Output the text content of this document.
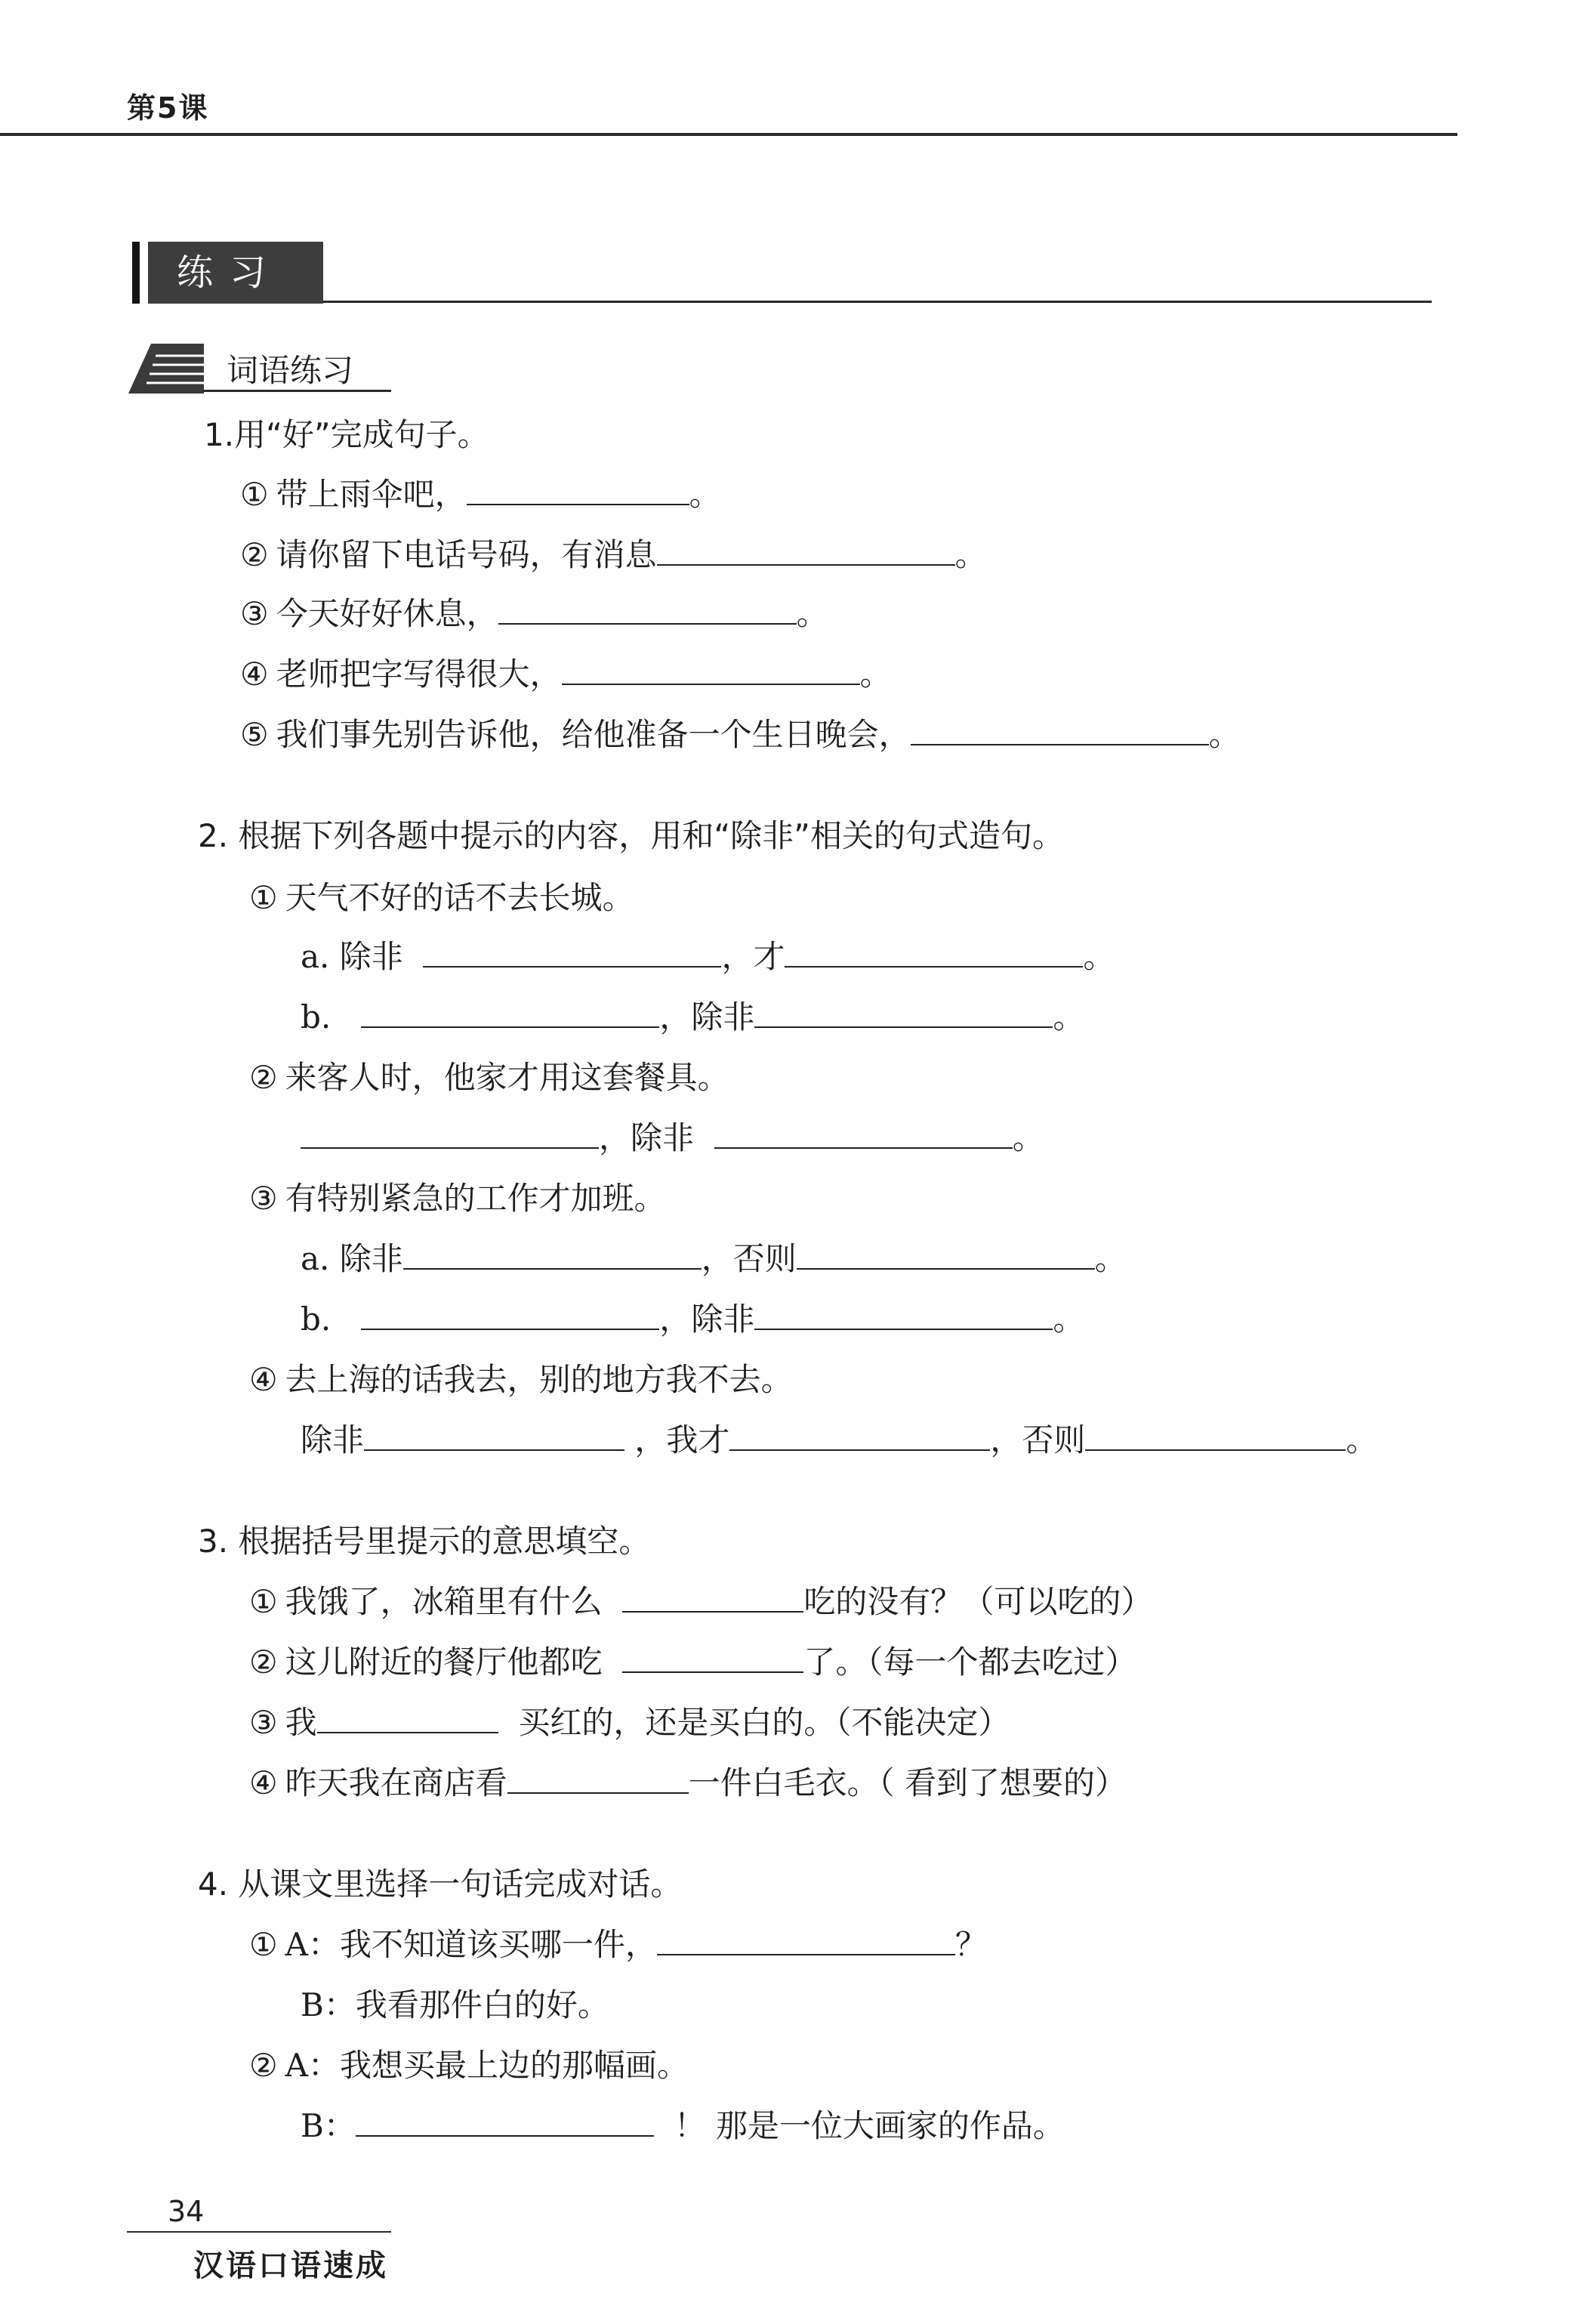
第5课
练习
词语练习
1.用“好”完成句子。
① 带上雨伞吧，	。
② 请你留下电话号码，有消息	。
③ 今天好好休息，	。
④ 老师把字写得很大，	。
⑤ 我们事先别告诉他，给他准备一个生日晚会，	。
2. 根据下列各题中提示的内容，用和“除非”相关的句式造句。
① 天气不好的话不去长城。
a. 除非	，才	。
b.	，除非	。
② 来客人时，他家才用这套餐具。
，除非	。
③ 有特别紧急的工作才加班。
a. 除非	，否则	。
b.	，除非	。
④ 去上海的话我去，别的地方我不去。
除非	，我才	，否则	。
3. 根据括号里提示的意思填空。
① 我饿了，冰箱里有什么	吃的没有？（可以吃的）
② 这儿附近的餐厅他都吃	了。（每一个都去吃过）
③ 我	买红的，还是买白的。（不能决定）
④ 昨天我在商店看	一件白毛衣。（ 看到了想要的）
4. 从课文里选择一句话完成对话。
① A：我不知道该买哪一件，	？
B：我看那件白的好。
② A：我想买最上边的那幅画。
B：	！ 那是一位大画家的作品。
34
汉语口语速成
